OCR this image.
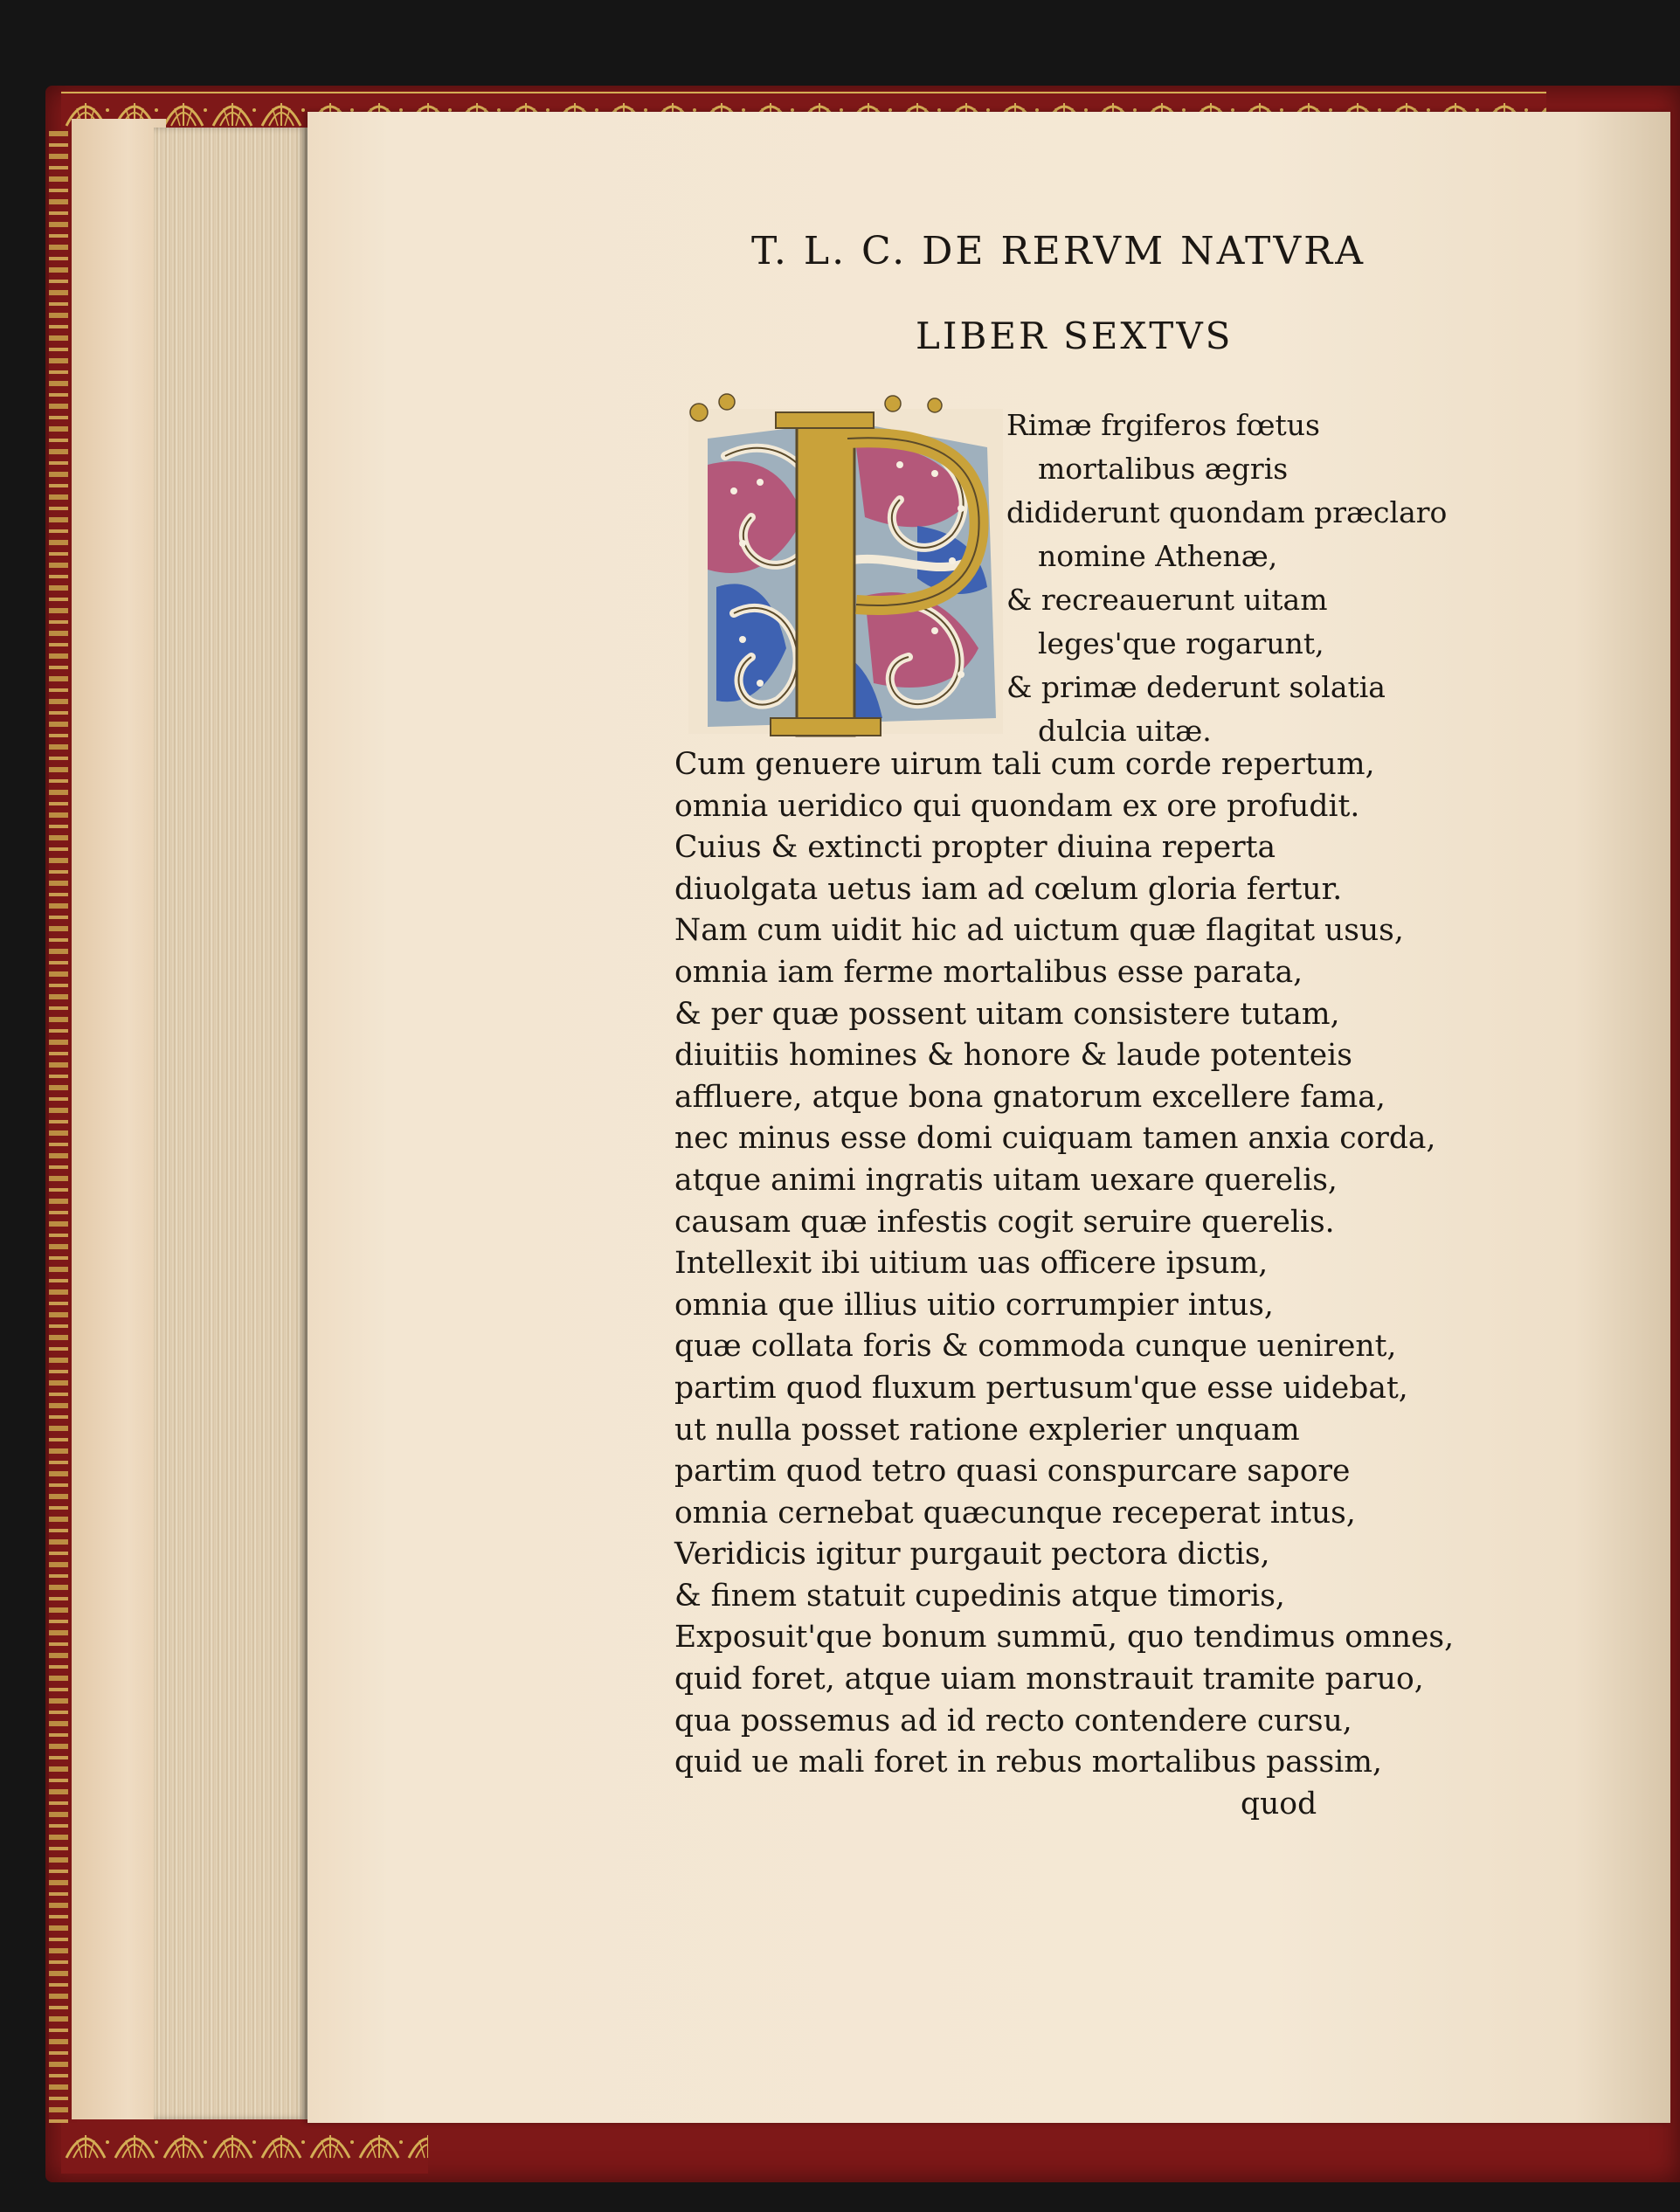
T. L. C. DE RERVM NATVRA
LIBER SEXTVS
Rimæ frgiferos fœtus
mortalibus ægris
dididerunt quondam præclaro
nomine Athenæ,
& recreauerunt uitam
leges'que rogarunt,
& primæ dederunt solatia
dulcia uitæ.
Cum genuere uirum tali cum corde repertum,
omnia ueridico qui quondam ex ore profudit.
Cuius & extincti propter diuina reperta
diuolgata uetus iam ad cœlum gloria fertur.
Nam cum uidit hic ad uictum quæ flagitat usus,
omnia iam ferme mortalibus esse parata,
& per quæ possent uitam consistere tutam,
diuitiis homines & honore & laude potenteis
affluere, atque bona gnatorum excellere fama,
nec minus esse domi cuiquam tamen anxia corda,
atque animi ingratis uitam uexare querelis,
causam quæ infestis cogit seruire querelis.
Intellexit ibi uitium uas officere ipsum,
omnia que illius uitio corrumpier intus,
quæ collata foris & commoda cunque uenirent,
partim quod fluxum pertusum'que esse uidebat,
ut nulla posset ratione explerier unquam
partim quod tetro quasi conspurcare sapore
omnia cernebat quæcunque receperat intus,
Veridicis igitur purgauit pectora dictis,
& finem statuit cupedinis atque timoris,
Exposuit'que bonum summū, quo tendimus omnes,
quid foret, atque uiam monstrauit tramite paruo,
qua possemus ad id recto contendere cursu,
quid ue mali foret in rebus mortalibus passim,
quod
